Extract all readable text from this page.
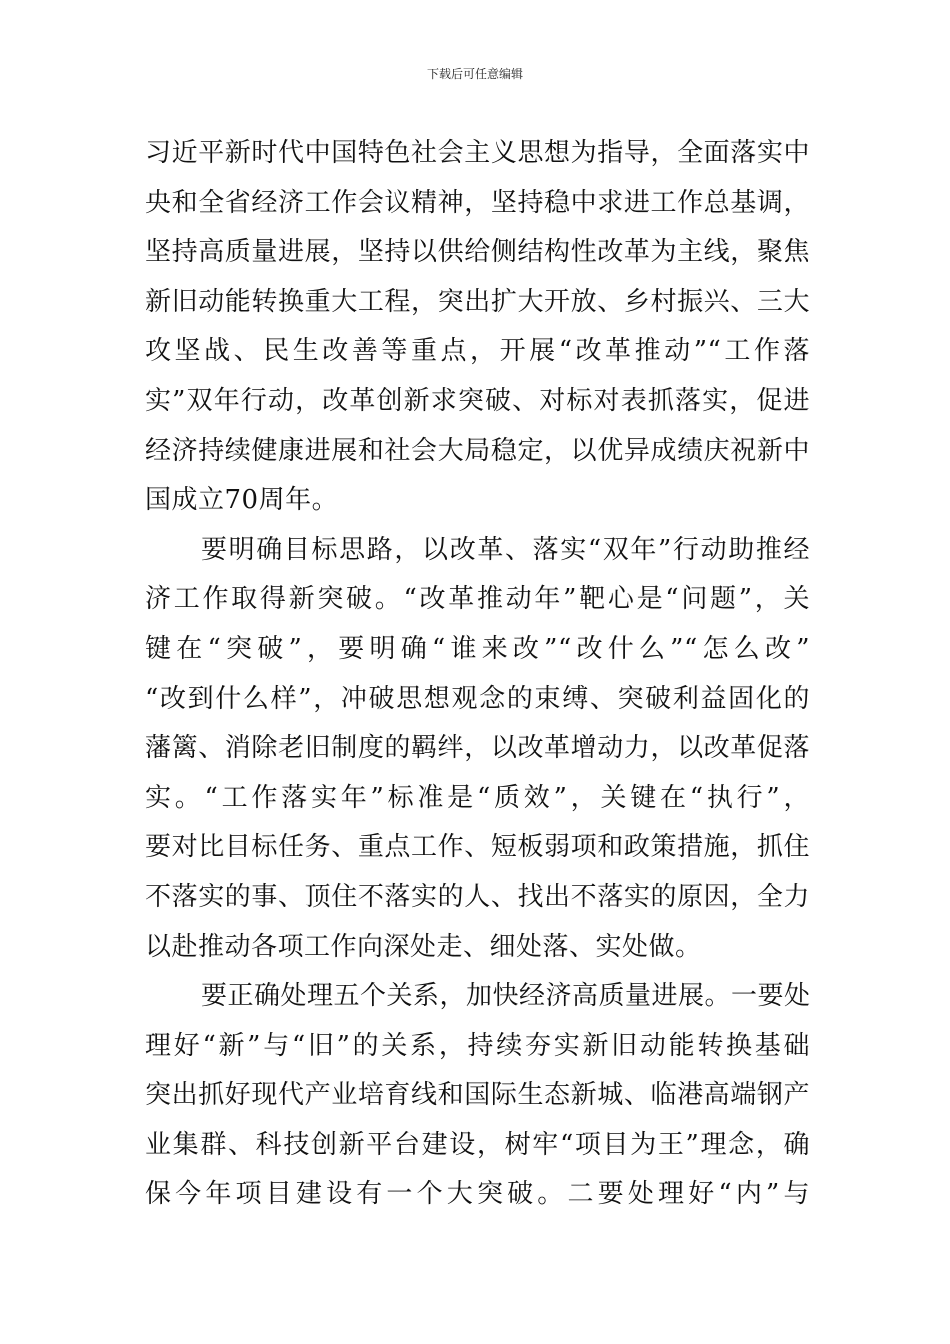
下载后可任意编辑
习近平新时代中国特色社会主义思想为指导，全面落实中
央和全省经济工作会议精神，坚持稳中求进工作总基调，
坚持高质量进展，坚持以供给侧结构性改革为主线，聚焦
新旧动能转换重大工程，突出扩大开放、乡村振兴、三大
攻坚战、民生改善等重点，开展“改革推动”“工作落
实”双年行动，改革创新求突破、对标对表抓落实，促进
经济持续健康进展和社会大局稳定，以优异成绩庆祝新中
国成立70周年。
要明确目标思路，以改革、落实“双年”行动助推经
济工作取得新突破。“改革推动年”靶心是“问题”，关
键在“突破”，要明确“谁来改”“改什么”“怎么改”
“改到什么样”，冲破思想观念的束缚、突破利益固化的
藩篱、消除老旧制度的羁绊，以改革增动力，以改革促落
实。“工作落实年”标准是“质效”，关键在“执行”，
要对比目标任务、重点工作、短板弱项和政策措施，抓住
不落实的事、顶住不落实的人、找出不落实的原因，全力
以赴推动各项工作向深处走、细处落、实处做。
要正确处理五个关系，加快经济高质量进展。一要处
理好“新”与“旧”的关系，持续夯实新旧动能转换基础
突出抓好现代产业培育线和国际生态新城、临港高端钢产
业集群、科技创新平台建设，树牢“项目为王”理念，确
保今年项目建设有一个大突破。二要处理好“内”与
